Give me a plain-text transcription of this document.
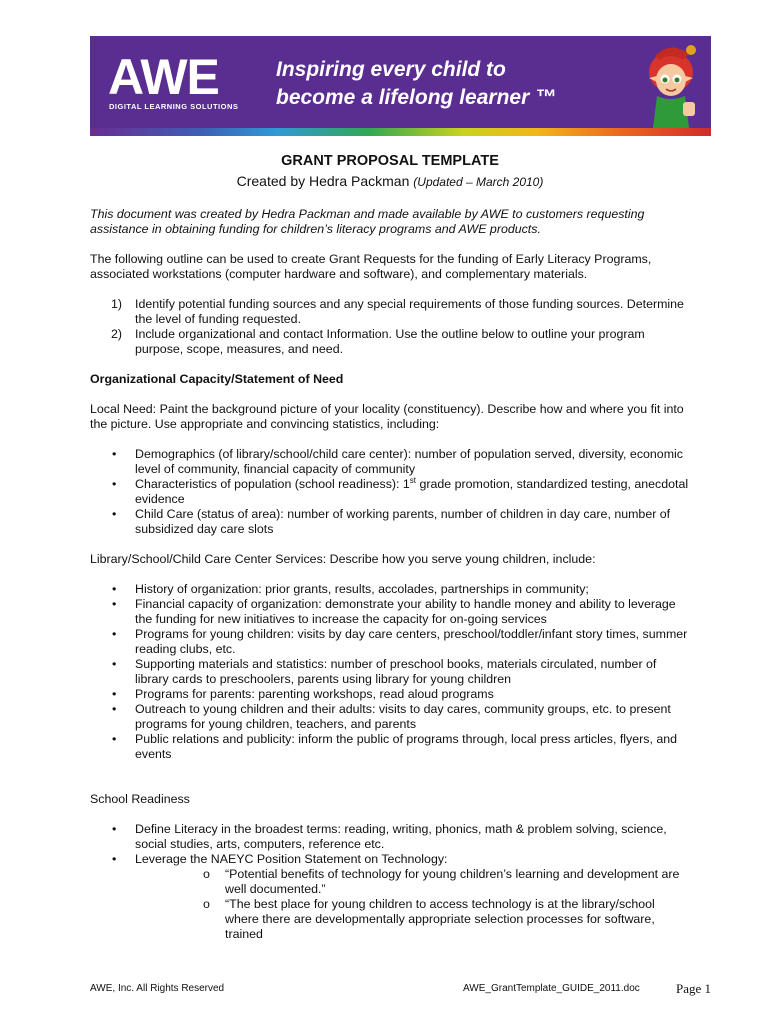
AWE
DIGITAL LEARNING SOLUTIONS
Inspiring every child to
become a lifelong learner ™

GRANT PROPOSAL TEMPLATE

Created by Hedra Packman (Updated – March 2010)

This document was created by Hedra Packman and made available by AWE to customers requesting assistance in obtaining funding for children’s literacy programs and AWE products.

The following outline can be used to create Grant Requests for the funding of Early Literacy Programs, associated workstations (computer hardware and software), and complementary materials.

1) Identify potential funding sources and any special requirements of those funding sources. Determine the level of funding requested.
2) Include organizational and contact Information. Use the outline below to outline your program purpose, scope, measures, and need.

Organizational Capacity/Statement of Need

Local Need: Paint the background picture of your locality (constituency). Describe how and where you fit into the picture. Use appropriate and convincing statistics, including:

• Demographics (of library/school/child care center): number of population served, diversity, economic level of community, financial capacity of community
• Characteristics of population (school readiness): 1st grade promotion, standardized testing, anecdotal evidence
• Child Care (status of area): number of working parents, number of children in day care, number of subsidized day care slots

Library/School/Child Care Center Services: Describe how you serve young children, include:

• History of organization: prior grants, results, accolades, partnerships in community;
• Financial capacity of organization: demonstrate your ability to handle money and ability to leverage the funding for new initiatives to increase the capacity for on-going services
• Programs for young children: visits by day care centers, preschool/toddler/infant story times, summer reading clubs, etc.
• Supporting materials and statistics: number of preschool books, materials circulated, number of library cards to preschoolers, parents using library for young children
• Programs for parents: parenting workshops, read aloud programs
• Outreach to young children and their adults: visits to day cares, community groups, etc. to present programs for young children, teachers, and parents
• Public relations and publicity: inform the public of programs through, local press articles, flyers, and events

School Readiness

• Define Literacy in the broadest terms: reading, writing, phonics, math & problem solving, science, social studies, arts, computers, reference etc.
• Leverage the NAEYC Position Statement on Technology:
o “Potential benefits of technology for young children’s learning and development are well documented.”
o “The best place for young children to access technology is at the library/school where there are developmentally appropriate selection processes for software, trained
AWE, Inc. All Rights Reserved	AWE_GrantTemplate_GUIDE_2011.doc	Page 1
